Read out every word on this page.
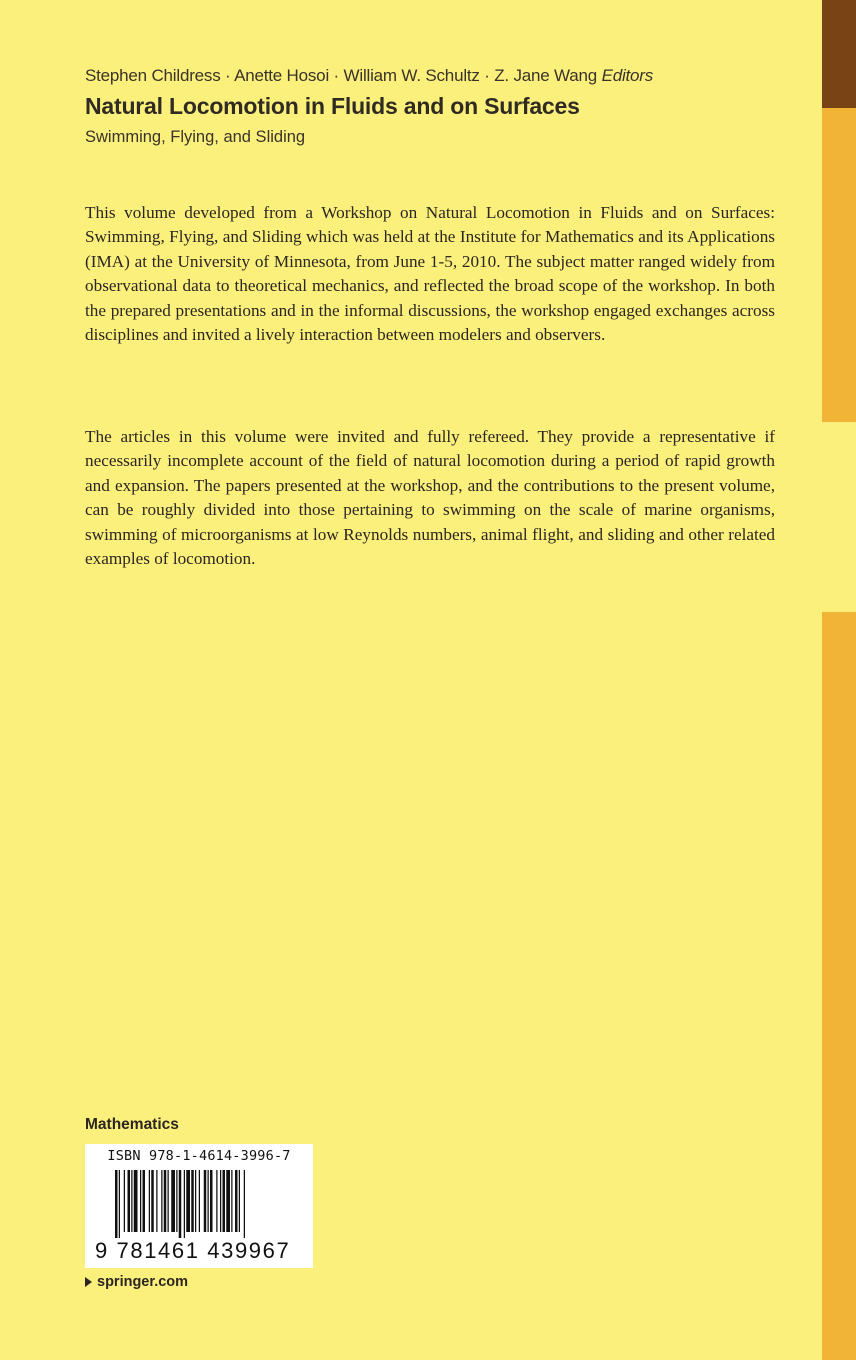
Stephen Childress · Anette Hosoi · William W. Schultz · Z. Jane Wang Editors
Natural Locomotion in Fluids and on Surfaces
Swimming, Flying, and Sliding

This volume developed from a Workshop on Natural Locomotion in Fluids and on Surfaces: Swimming, Flying, and Sliding which was held at the Institute for Mathematics and its Applications (IMA) at the University of Minnesota, from June 1-5, 2010. The subject matter ranged widely from observational data to theoretical mechanics, and reflected the broad scope of the workshop. In both the prepared presentations and in the informal discussions, the workshop engaged exchanges across disciplines and invited a lively interaction between modelers and observers.

The articles in this volume were invited and fully refereed. They provide a representative if necessarily incomplete account of the field of natural locomotion during a period of rapid growth and expansion. The papers presented at the workshop, and the contributions to the present volume, can be roughly divided into those pertaining to swimming on the scale of marine organisms, swimming of microorganisms at low Reynolds numbers, animal flight, and sliding and other related examples of locomotion.

Mathematics
ISBN 978-1-4614-3996-7
9 781461 439967
springer.com
